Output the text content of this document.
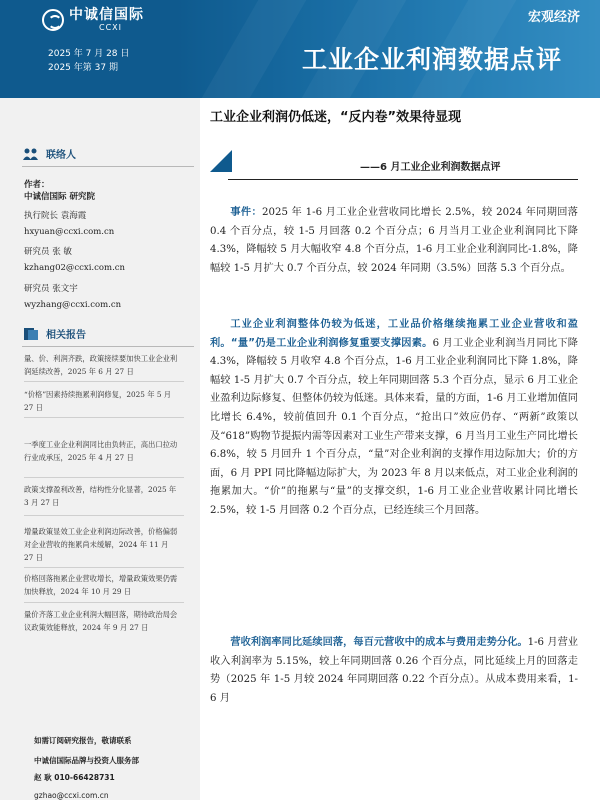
中诚信国际
CCXI
宏观经济
2025 年 7 月 28 日
2025 年第 37 期	工业企业利润数据点评
联络人
作者：
中诚信国际 研究院
执行院长 袁海霞
hxyuan@ccxi.com.cn
研究员 张 敏
kzhang02@ccxi.com.cn
研究员 张文宇
wyzhang@ccxi.com.cn
相关报告
量、价、利润齐跌，政策接续要加快工业企业利润延续改善，2025 年 6 月 27 日
“价格”因素持续拖累利润修复，2025 年 5 月 27 日
一季度工业企业利润同比由负转正，高出口拉动行业成承压，2025 年 4 月 27 日
政策支撑盈利改善，结构性分化显著，2025 年 3 月 27 日
增量政策显效工业企业利润边际改善，价格偏弱对企业营收的拖累尚未缓解，2024 年 11 月 27 日
价格回落拖累企业营收增长，增量政策效果仍需加快释放，2024 年 10 月 29 日
量价齐落工业企业利润大幅回落，期待政治局会议政策效能释放，2024 年 9 月 27 日
如需订阅研究报告，敬请联系
中诚信国际品牌与投资人服务部
赵 耿 010-66428731
gzhao@ccxi.com.cn
工业企业利润仍低迷，“反内卷”效果待显现
——6 月工业企业利润数据点评

事件：2025 年 1-6 月工业企业营收同比增长 2.5%，较 2024 年同期回落 0.4 个百分点，较 1-5 月回落 0.2 个百分点；6 月当月工业企业利润同比下降 4.3%，降幅较 5 月大幅收窄 4.8 个百分点，1-6 月工业企业利润同比-1.8%，降幅较 1-5 月扩大 0.7 个百分点，较 2024 年同期（3.5%）回落 5.3 个百分点。

工业企业利润整体仍较为低迷，工业品价格继续拖累工业企业营收和盈利。“量”仍是工业企业利润修复重要支撑因素。6 月工业企业利润当月同比下降 4.3%，降幅较 5 月收窄 4.8 个百分点，1-6 月工业企业利润同比下降 1.8%，降幅较 1-5 月扩大 0.7 个百分点，较上年同期回落 5.3 个百分点，显示 6 月工业企业盈利边际修复、但整体仍较为低迷。具体来看，量的方面，1-6 月工业增加值同比增长 6.4%，较前值回升 0.1 个百分点，“抢出口”效应仍存、“两新”政策以及“618”购物节提振内需等因素对工业生产带来支撑，6 月当月工业生产同比增长 6.8%，较 5 月回升 1 个百分点，“量”对企业利润的支撑作用边际加大；价的方面，6 月 PPI 同比降幅边际扩大，为 2023 年 8 月以来低点，对工业企业利润的拖累加大。“价”的拖累与“量”的支撑交织，1-6 月工业企业营收累计同比增长 2.5%，较 1-5 月回落 0.2 个百分点，已经连续三个月回落。

营收利润率同比延续回落，每百元营收中的成本与费用走势分化。1-6 月营业收入利润率为 5.15%，较上年同期回落 0.26 个百分点，同比延续上月的回落走势（2025 年 1-5 月较 2024 年同期回落 0.22 个百分点）。从成本费用来看，1-6 月
